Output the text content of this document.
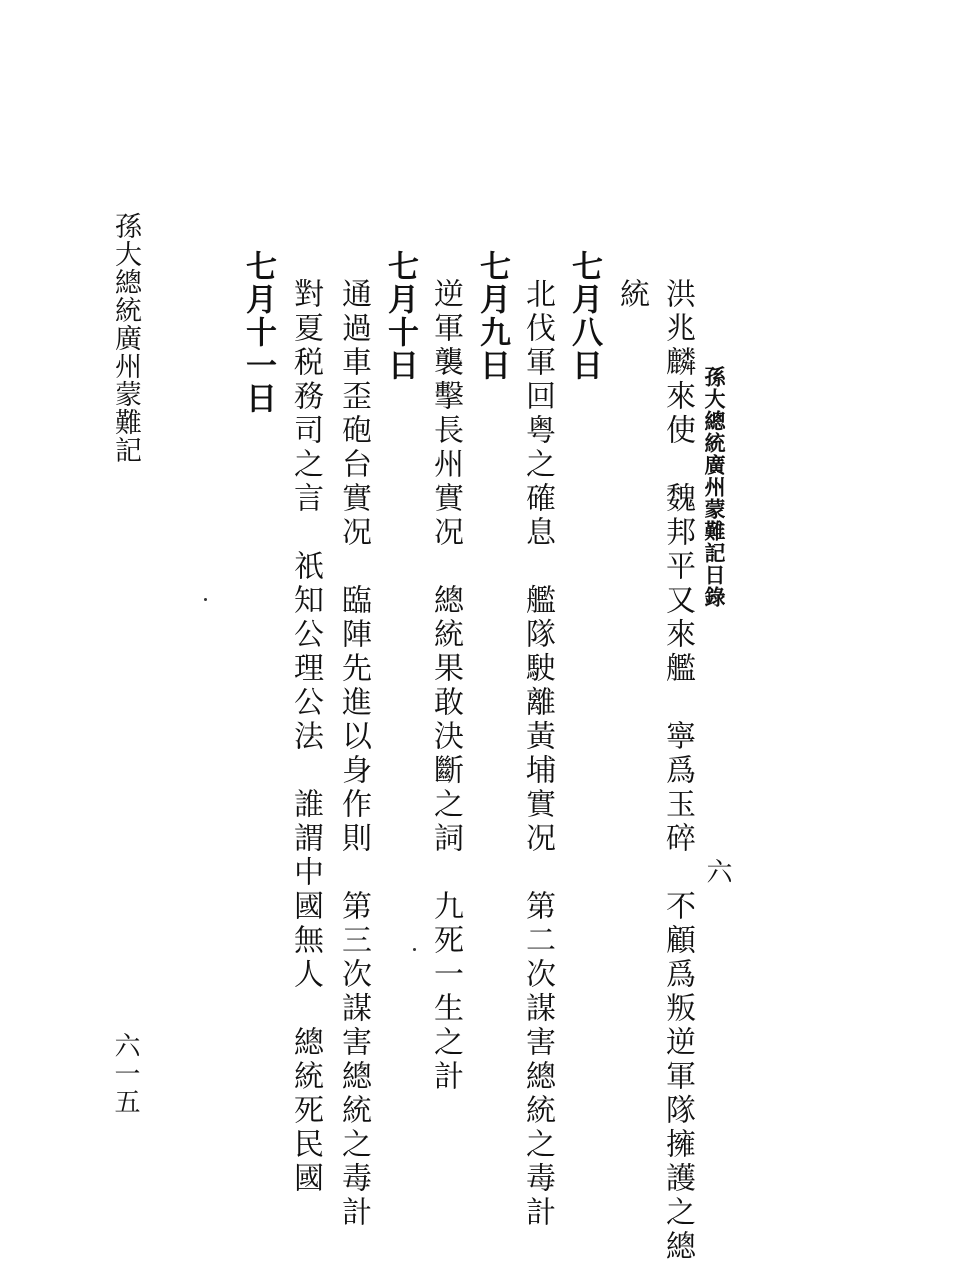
孫大總統廣州蒙難記
六一五
孫大總統廣州蒙難記日錄
六
洪兆麟來使　魏邦平又來艦　寧爲玉碎　不顧爲叛逆軍隊擁護之總
統
七月八日
北伐軍回粤之確息　艦隊駛離黃埔實况　第二次謀害總統之毒計
七月九日
逆軍襲擊長州實况　總統果敢決斷之詞　九死一生之計
七月十日
通過車歪砲台實况　臨陣先進以身作則　第三次謀害總統之毒計
對夏税務司之言　祇知公理公法　誰謂中國無人　總統死民國
七月十一日
